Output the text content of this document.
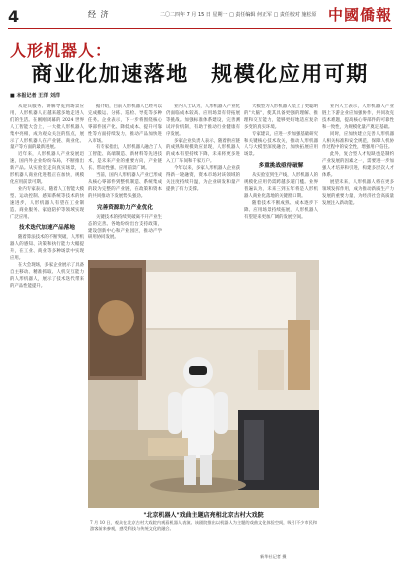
4	经 济	二〇二四年 7 月 15 日 星期一 □ 责任编辑 何正军 □ 责任校对 施松原 中國僑報
人形机器人：
商业化加速落地　规模化应用可期
■ 本报记者 王洋 刘洋

从迎宾服务、讲解导览到场景应用，人形机器人正越来越多地走进人们的生活。在刚刚闭幕的 2024 世界人工智能大会上，一大批人形机器人集中亮相，成为观众关注的焦点，展示了人形机器人在产业链、商业化、量产等方面的最新进展。

近年来，人形机器人产业发展迅速，国内外企业纷纷布局，不断推出新产品。从实验室走向真实场景，人形机器人商业化进程正在加快，规模化应用前景可期。

业内专家表示，随着人工智能大模型、运动控制、感知系统等技术的快速进步，人形机器人有望在工业制造、商业服务、家庭陪护等领域实现广泛应用。

技术迭代加速产品落地

随着算法技术的不断突破，人形机器人的感知、决策和执行能力大幅提升，在工业、商业等多种场景中实现应用。

在大会现场，多家企业展示了具备自主移动、精准抓取、人机交互能力的人形机器人，展示了技术迭代带来的产品性能提升。

据介绍，目前人形机器人已经可以完成搬运、分拣、巡检、导览等多种任务。企业表示，下一步将围绕核心零部件国产化、降低成本、提升可靠性等方面持续发力，推动产品加快进入市场。

有专家指出，人形机器人融合了人工智能、高端制造、新材料等先进技术，是未来产业的重要方向，产业链长、带动性强、应用前景广阔。

当前，国内人形机器人产业已形成从核心零部件到整机制造、系统集成的较为完整的产业链，在政策和资本的共同推动下发展势头强劲。

完善资源助力产业优化

关键技术的持续突破离不开产业生态的完善。各地纷纷出台支持政策，建设创新中心和产业园区，推动产学研用协同发展。

业内人士认为，人形机器人产业化仍面临成本较高、应用场景有待拓展等挑战。加强标准体系建设，完善测试评价机制，有助于推动行业健康有序发展。

多家企业负责人表示，随着供应链的成熟和规模效应显现，人形机器人的成本有望持续下降，未来将更多进入工厂车间和千家万户。

今年以来，多家人形机器人企业获得新一轮融资，资本市场对该领域的关注度持续升温，为企业研发和量产提供了有力支撑。

大模型为人形机器人装上了更聪明的"大脑"，使其具备更强的理解、推理和交互能力，能够更好地适应复杂多变的真实环境。

专家建议，应进一步加强基础研究和关键核心技术攻关，推动人形机器人与大模型深度融合，加快拓展应用场景。

多重挑战亟待破解

从实验室到生产线，人形机器人的规模化应用仍需跨越多道门槛。业界普遍认为，未来三到五年将是人形机器人商业化落地的关键窗口期。

随着技术不断成熟、成本逐步下降、应用场景持续拓展，人形机器人有望迎来更加广阔的发展空间。

业内人士表示，人形机器人产业链上下游企业应加强协作，共同攻克技术难题，提高核心零部件的可靠性和一致性，为规模化量产奠定基础。

同时，应加快建立完善人形机器人相关标准和安全规范，保障人机协作过程中的安全性，增强用户信任。

此外，复合型人才短缺也是制约产业发展的因素之一，需要进一步加强人才培养和引进，构建多层次人才体系。

展望未来，人形机器人将在更多领域发挥作用，成为推动新质生产力发展的重要力量，为经济社会高质量发展注入新动能。

"北京机器人"戏曲主题店亮相北京古村大戏院
7 月 10 日，观众在北京古村大戏院内观看机器人表演。该剧院推出以机器人为主题的戏曲文化体验空间，吸引不少市民和游客前来参观，感受科技与传统文化的融合。
新华社记者 摄
